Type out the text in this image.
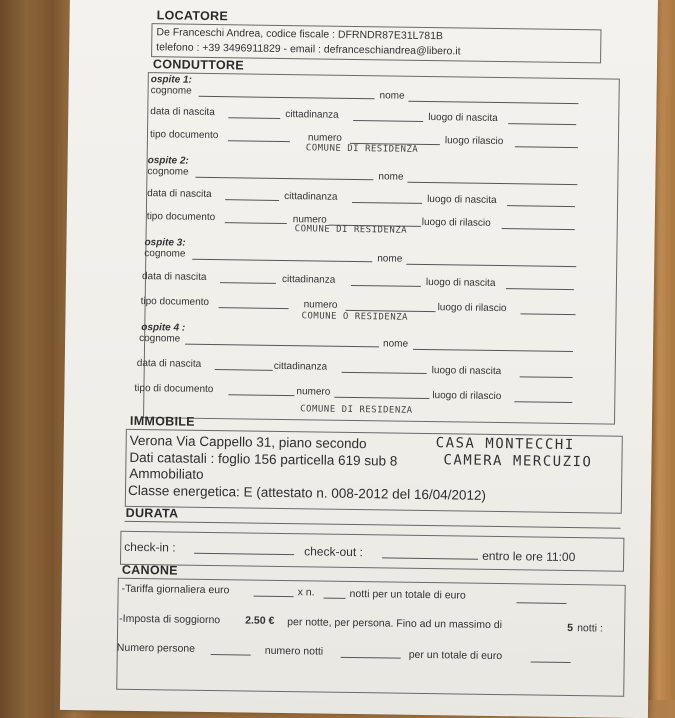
LOCATORE
De Franceschi Andrea, codice fiscale : DFRNDR87E31L781B
telefono : +39 3496911829 - email : defranceschiandrea@libero.it
CONDUTTORE
ospite 1:
cognome	nome
data di nascita	cittadinanza	luogo di nascita
tipo documento	numero	luogo rilascio
COMUNE DI RESIDENZA
ospite 2:
cognome	nome
data di nascita	cittadinanza	luogo di nascita
tipo documento	numero	luogo di rilascio
COMUNE DI RESIDENZA
ospite 3:
cognome	nome
data di nascita	cittadinanza	luogo di nascita
tipo documento	numero	luogo di rilascio
COMUNE O RESIDENZA
ospite 4 :
cognome	nome
data di nascita	cittadinanza	luogo di nascita
tipo di documento	numero	luogo di rilascio
COMUNE DI RESIDENZA
IMMOBILE
Verona Via Cappello 31, piano secondo
Dati catastali : foglio 156 particella 619 sub 8
Ammobiliato
Classe energetica: E (attestato n. 008-2012 del 16/04/2012)
CASA MONTECCHI
CAMERA MERCUZIO
DURATA
check-in :	check-out :	entro le ore 11:00
CANONE
-Tariffa giornaliera euro	x n.	notti per un totale di euro
-Imposta di soggiorno 2.50 € per notte, per persona. Fino ad un massimo di	5 notti :
Numero persone	numero notti	per un totale di euro
